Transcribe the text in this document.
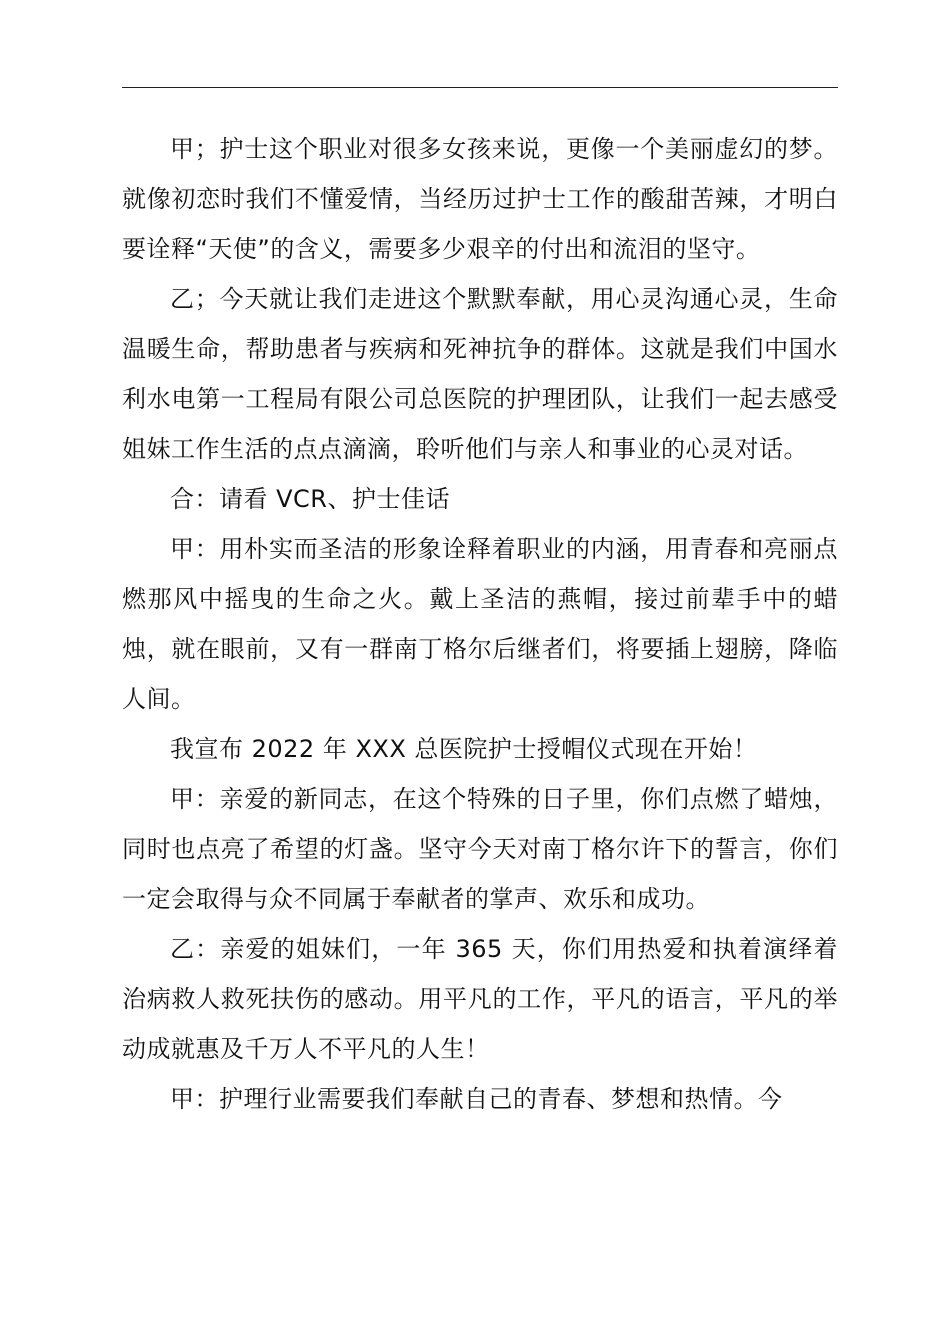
甲；护士这个职业对很多女孩来说，更像一个美丽虚幻的梦。就像初恋时我们不懂爱情，当经历过护士工作的酸甜苦辣，才明白要诠释“天使”的含义，需要多少艰辛的付出和流泪的坚守。

乙；今天就让我们走进这个默默奉献，用心灵沟通心灵，生命温暖生命，帮助患者与疾病和死神抗争的群体。这就是我们中国水利水电第一工程局有限公司总医院的护理团队，让我们一起去感受姐妹工作生活的点点滴滴，聆听他们与亲人和事业的心灵对话。

合：请看 VCR、护士佳话

甲：用朴实而圣洁的形象诠释着职业的内涵，用青春和亮丽点燃那风中摇曳的生命之火。戴上圣洁的燕帽，接过前辈手中的蜡烛，就在眼前，又有一群南丁格尔后继者们，将要插上翅膀，降临人间。

我宣布 2022 年 XXX 总医院护士授帽仪式现在开始！

甲：亲爱的新同志，在这个特殊的日子里，你们点燃了蜡烛，同时也点亮了希望的灯盏。坚守今天对南丁格尔许下的誓言，你们一定会取得与众不同属于奉献者的掌声、欢乐和成功。

乙：亲爱的姐妹们，一年 365 天，你们用热爱和执着演绎着治病救人救死扶伤的感动。用平凡的工作，平凡的语言，平凡的举动成就惠及千万人不平凡的人生！

甲：护理行业需要我们奉献自己的青春、梦想和热情。今
